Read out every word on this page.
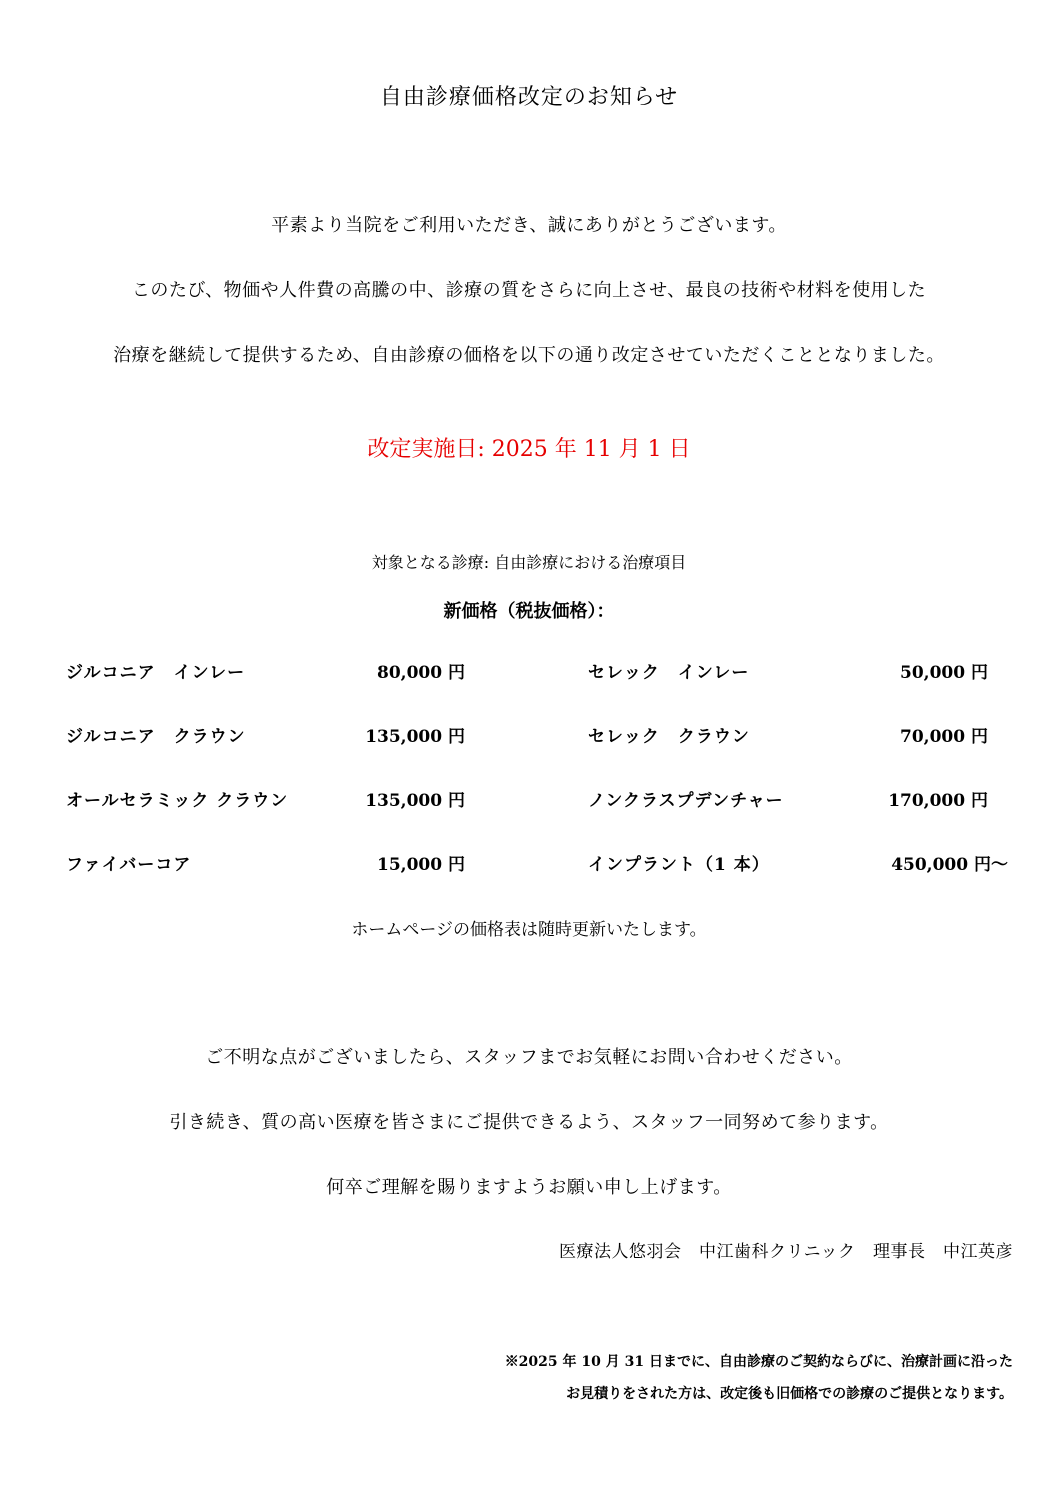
自由診療価格改定のお知らせ
平素より当院をご利用いただき、誠にありがとうございます。
このたび、物価や人件費の高騰の中、診療の質をさらに向上させ、最良の技術や材料を使用した
治療を継続して提供するため、自由診療の価格を以下の通り改定させていただくこととなりました。
改定実施日: 2025 年 11 月 1 日
対象となる診療: 自由診療における治療項目
新価格（税抜価格）：
ジルコニア　インレー	80,000 円	セレック　インレー	50,000 円
ジルコニア　クラウン	135,000 円	セレック　クラウン	70,000 円
オールセラミック クラウン	135,000 円	ノンクラスプデンチャー	170,000 円
ファイバーコア	15,000 円	インプラント（1 本）	450,000 円～
ホームページの価格表は随時更新いたします。
ご不明な点がございましたら、スタッフまでお気軽にお問い合わせください。
引き続き、質の高い医療を皆さまにご提供できるよう、スタッフ一同努めて参ります。
何卒ご理解を賜りますようお願い申し上げます。
医療法人悠羽会　中江歯科クリニック　理事長　中江英彦
※2025 年 10 月 31 日までに、自由診療のご契約ならびに、治療計画に沿った
お見積りをされた方は、改定後も旧価格での診療のご提供となります。
